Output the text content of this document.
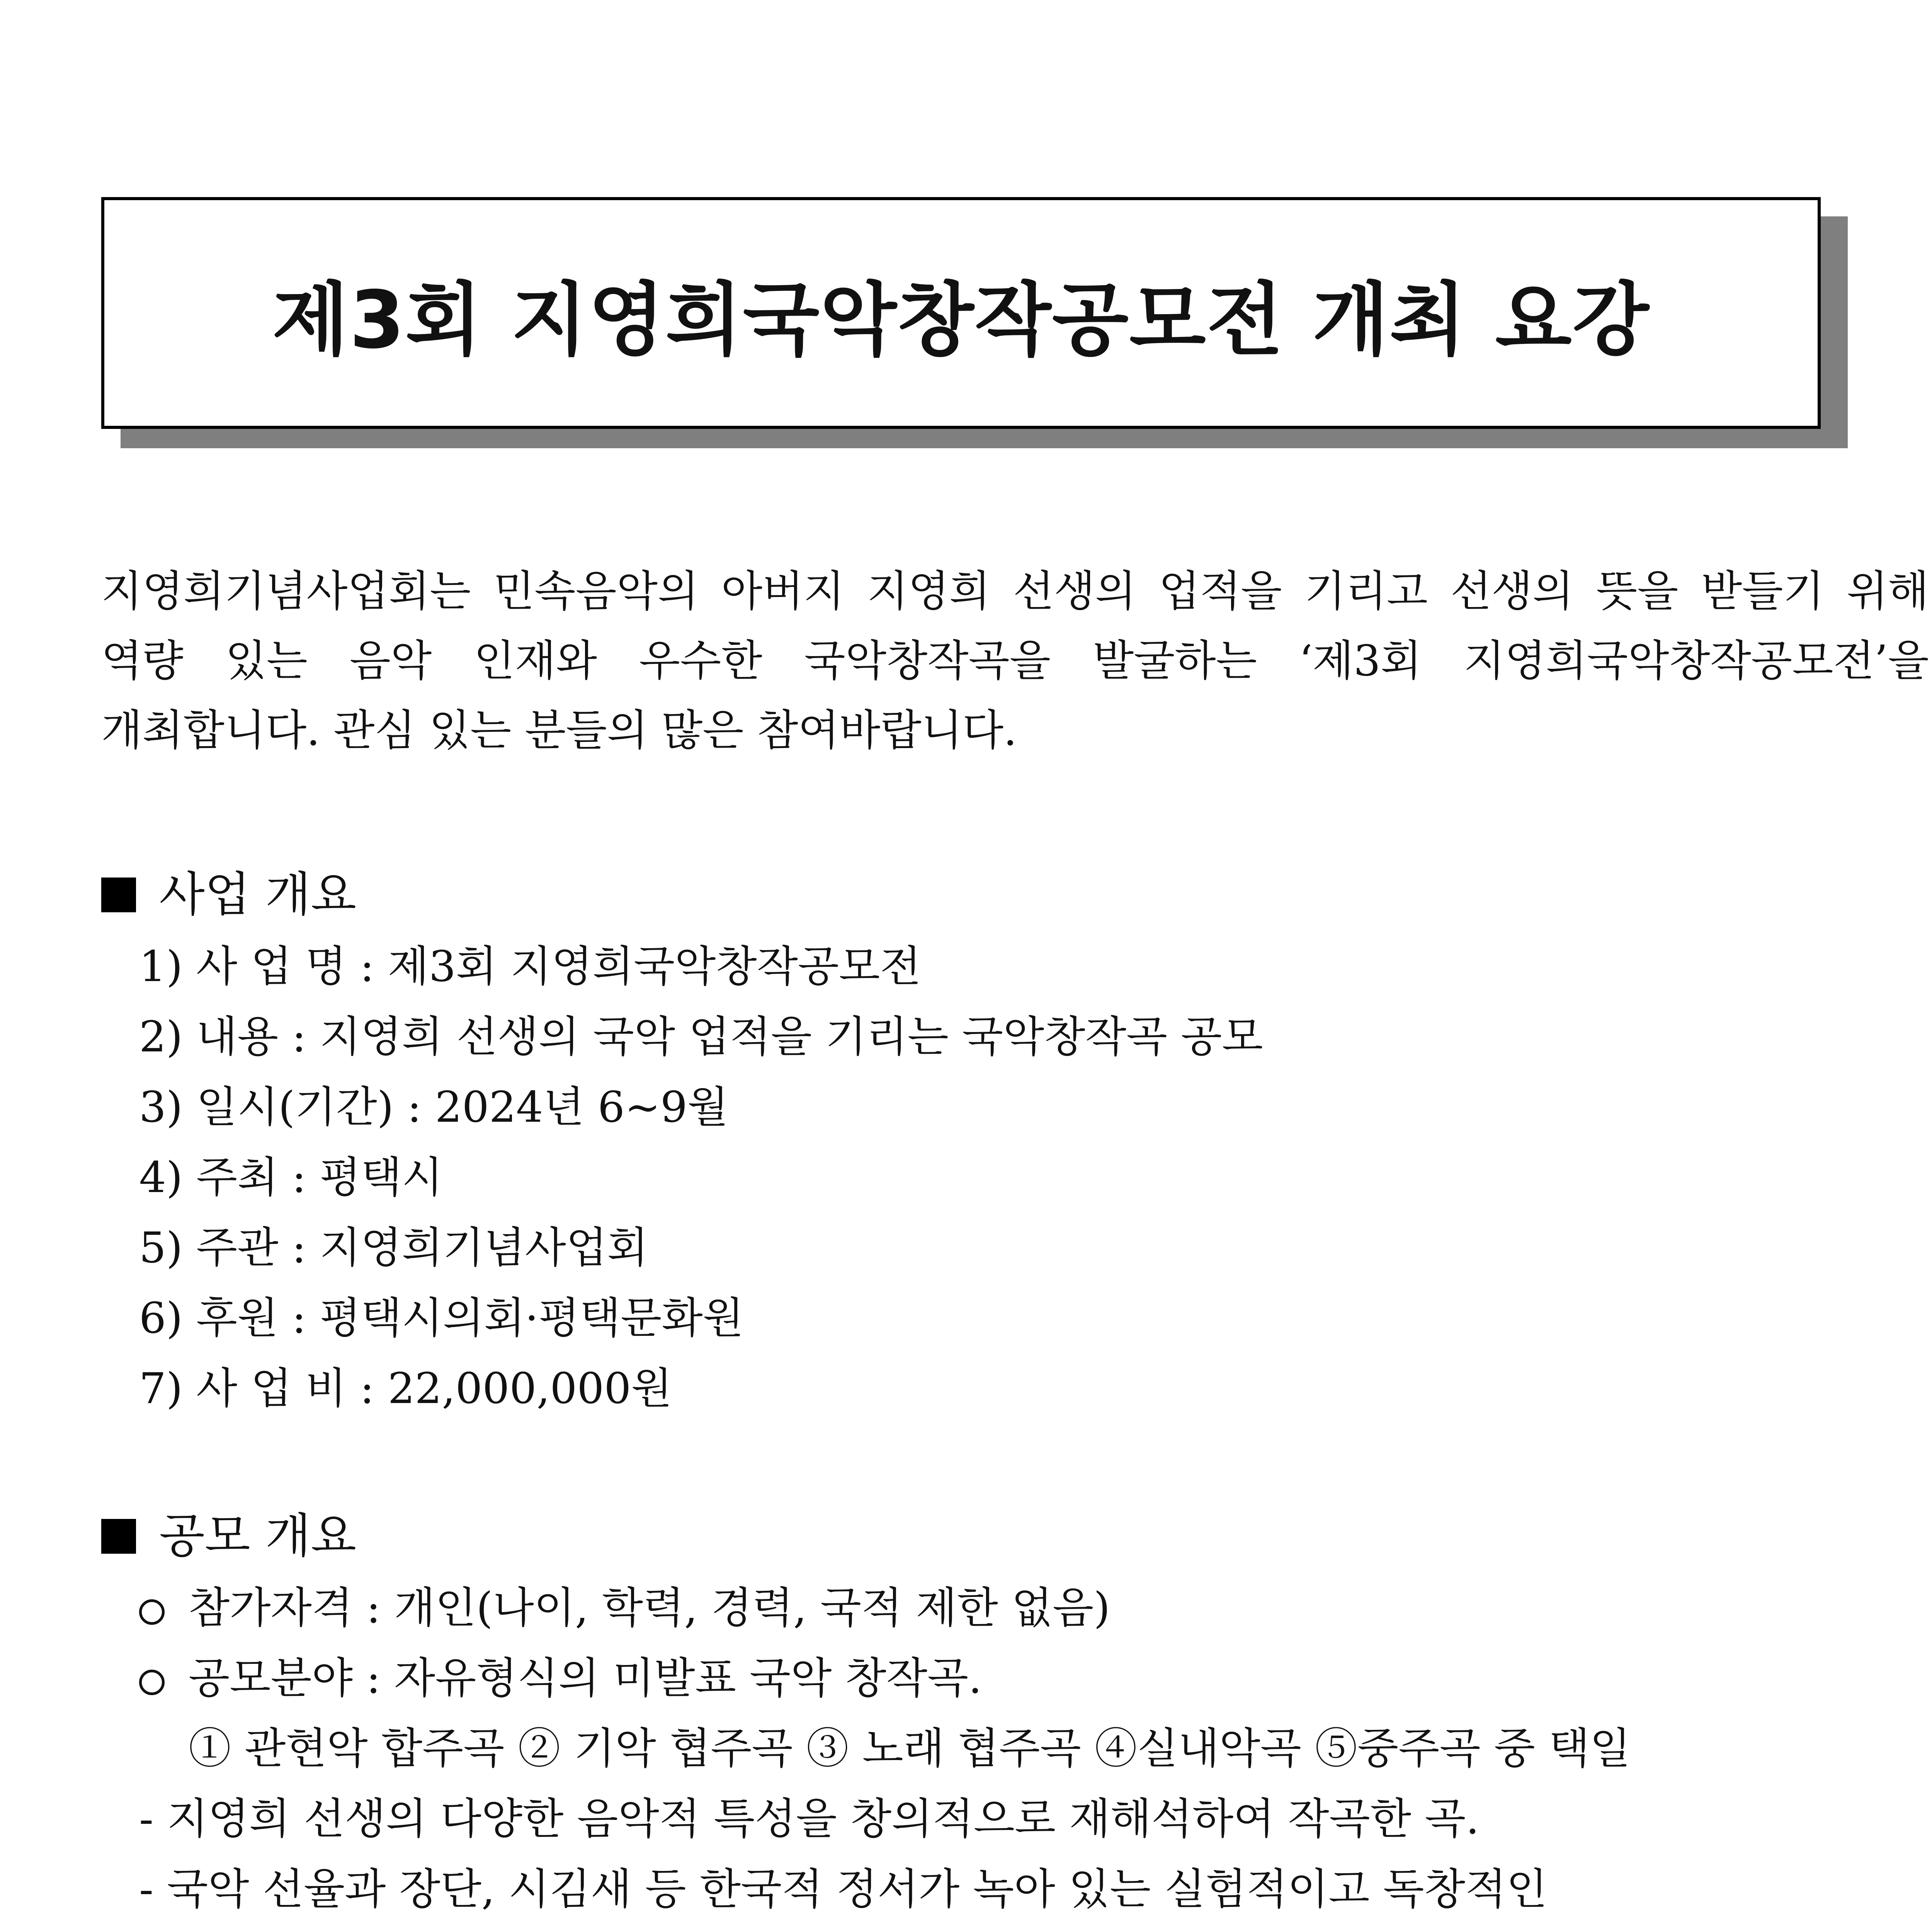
제3회 지영희국악창작공모전 개최 요강
지영희기념사업회는 민속음악의 아버지 지영희 선생의 업적을 기리고 선생의 뜻을 받들기 위해 역량 있는 음악 인재와 우수한 국악창작곡을 발굴하는 ‘제3회 지영희국악창작공모전’을 개최합니다. 관심 있는 분들의 많은 참여바랍니다.
사업 개요
1) 사 업 명 : 제3회 지영희국악창작공모전
2) 내용 : 지영희 선생의 국악 업적을 기리는 국악창작곡 공모
3) 일시(기간) : 2024년 6~9월
4) 주최 : 평택시
5) 주관 : 지영희기념사업회
6) 후원 : 평택시의회·평택문화원
7) 사 업 비 : 22,000,000원
공모 개요
참가자격 : 개인(나이, 학력, 경력, 국적 제한 없음)
공모분야 : 자유형식의 미발표 국악 창작곡.
① 관현악 합주곡 ② 기악 협주곡 ③ 노래 협주곡 ④실내악곡 ⑤중주곡 중 택일
- 지영희 선생의 다양한 음악적 특성을 창의적으로 재해석하여 작곡한 곡.
- 국악 선율과 장단, 시김새 등 한국적 정서가 녹아 있는 실험적이고 독창적인
